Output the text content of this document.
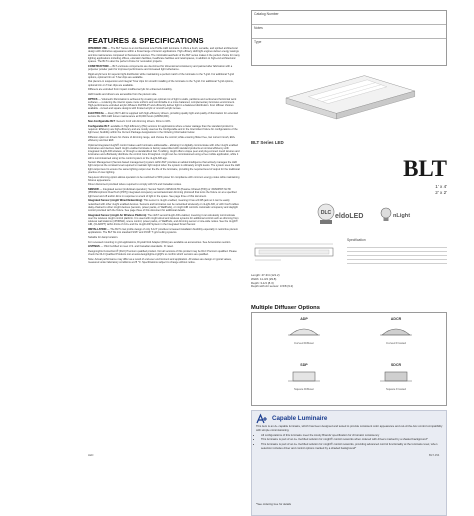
Catalog Number
Notes
Type
FEATURES & SPECIFICATIONS
INTENDED USE — The BLT Series is an Architectural Low Profile LED luminaire. It offers a fresh, versatile, and spirited architectural design with distinctive appearance within a broad range of interior applications. High efficacy LED light engines deliver energy savings and low maintenance compared to fluorescent sources. The minimalist aesthetic of the BLT series makes it the perfect choice for many lighting applications including offices, education facilities, healthcare facilities and retail spaces, in addition to high-end architectural spaces. The BLT is also the perfect choice for renovation projects.
CONSTRUCTION — BLT enclosure components are die-formed for dimensional consistency and painted after fabrication with a polyester powder paint for improved performance and increased light reflectance.
Rigid acrylic lens for superior light distribution while maintaining a perfect match of the luminaire to the T-grid. For additional T-grid options, optional trim on T-bar clips are available.
Flat plenum-in suspension and integral T-bar clips for smooth installing of the luminaire to the T-grid. For additional T-grid options, optional trim on T-bar clips are available.
Diffusers are extruded from impact modified acrylic for enhanced durability.
LED boards and drivers are accessible from the plenum side.
OPTICS — Volumetric illumination is achieved by creating an optimal mix of light to walls, partitions and vertical and horizontal work surfaces — rendering the interior space more uniform and comfortable in a more balanced, complementary luminous environment. High-performance extruded acrylic diffusers DLP/DL2T and efficiently deliver light in a balanced distribution. Four diffuser choices available - curved and square designs with frosted acrylic or smooth acrylic lenses.
ELECTRICAL — Every BLT LED is supplied with high-efficiency drivers, providing quality light and quality of illumination for extended service life. 80% LED lumen maintenance at 60,000 hours (L80/60,000).
Non-Configurable BLT: Generic 0-10 volt dimming drivers. Dims to 10%.
Configurable BLT: available in High Efficiency (HE) versions for applications where a lower wattage than the standard product is required. Efficiency are high-efficiency and are mostly used as the Configurable and in the Intermittent fixture for configurations of the light level, flexibility within the Current Package designations in the Ordering Information below.
Diffusion option on drivers for choice of dimming range, and choose the control; while ensuring flicker free, low current inrush, EM+ efficiency and low EMI.
Optional integrated nLight® control makes each luminaire addressable - allowing it to digitally communicate with other nLight enabled luminaires and devices. Each nLight enabled luminaire is factory assembled with standard products at nominal efficiency with integrated nLight AIR wireless, or through a standardized Cat. 5 cabling, nLight offers unique peer and plug-connect mesh devices and luminaires and effortlessly distribute the control zone throughout. nLight can be commissioned using a free mobile application, while it still is commissioned using to the control system or the nLight AIR app.
Sensor Management (Sensor-based management) system within BLT provides an added intelligence that actively manages the LED light output at the constant level required to maintain light output when the system is ultimately to light levels. The system uses the LED light output level to ensure the same lighting output over the life of the luminaire, providing the required level of output for the traditional practice of over-lighting.
Step-level dimming option allows operation to be restricted to 50% power for compliance with common energy codes while maintaining fixtures appearance.
Driver disconnect provided where required to comply with US and Canadian codes.
SENSOR — Integrated sensor (individual operation): Sensor Switch nWSD-NLTD (Passive Infrared (PIR)) or nWSDPDT-NLTD (PIR/Microphonic Dual Tech (PDT)) integrated occupancy sensor/automatic dimming photocell that turns the fixture on at a specified light level and off and/or dims in response to a lack of light in the space. See page three of this document.
Integrated Sensor (nLight Wired Networking): This sensor is nLight enabled, meaning it has a RJ45 jack so it can be easily networked with other nLight enabled devices. Sensors and luminaires can be networked wirelessly on nLight AIR, or with Cat-5 cables daisy-chained to other nLight devices (sensors, power packs, or WallPods), or nLight AIR controls. Automatic occupancy and daylight control provided with the fixture. See page three of this document for additional details.
Integrated Sensor (nLight Air Wireless Platform): The nES7 sensor/nLight AIR enabled, meaning it can wirelessly communicate over the wireless nLight control platform. It is used with nLight wired and wireless systems for additional control such as dimming from wireless wall stations (nPODMA), scene control, power packs, or WallPods, and dimming sensor or site-wide nodes. See the nLight® AIR, (CLAIRPT) within limits of 2-D+ and the nLight AIR System in the Integrated Smart Sensor.
INSTALLATION — The BLT's low profile design of only 3-1/4" provides increased installation flexibility especially in restrictive plenum applications. The BLT fits into standard 9/16" and 15/16" T-grid ceiling systems.
Suitable for damp location.
For recessed mounting in grid applications, Drywall Grid Adapter (DGA) are available as accessories. See Accessories section.
LISTINGS — CSA Certified to meet U.S. and Canadian standards. IC rated.
DesignLights Consortium® (DLC) Premium qualified product. Not all versions of this product may be DLC Premium qualified. Please check the DLC Qualified Products List at www.designlights.org/QPL to confirm which versions are qualified.
Note: Actual performance may differ as a result of end-user environment and application. All values are design or typical values, measured under laboratory conditions at 25 °C. Specifications subject to change without notice.
BLT Series LED
BLT
1' x 4'
2' x 2'
DLC eldoLED	nLight
Specification
Length: 47-3/4 (121.2)
Width: 11-3/4 (29.8)
Depth: 3-1/4 (8.3)
Depth with Air sensor: 3-5/8 (9.2)
Multiple Diffuser Options
ADP
Curved Diffuser
ADCR
Curved Frosted
SDP
Square Diffuser
SDCR
Square Frosted
Capable Luminaire

This item is an A+ capable luminaire, which has been designed and tested to provide consistent color appearance and out-of-the-box control compatibility with simple commissioning.

• All configurations of this luminaire meet the Acuity Brands' specification for chromatic consistency
• This luminaire is part of an A+ Certified solution for nLight® control networks when ordered with drivers marked by a shaded background*
• This luminaire is part of an A+ Certified solution for nLight® control networks, providing advanced control functionality at the luminaire level, when selection includes driver and control options marked by a shaded background*
*See ordering tree for details
LED	BLT-154
